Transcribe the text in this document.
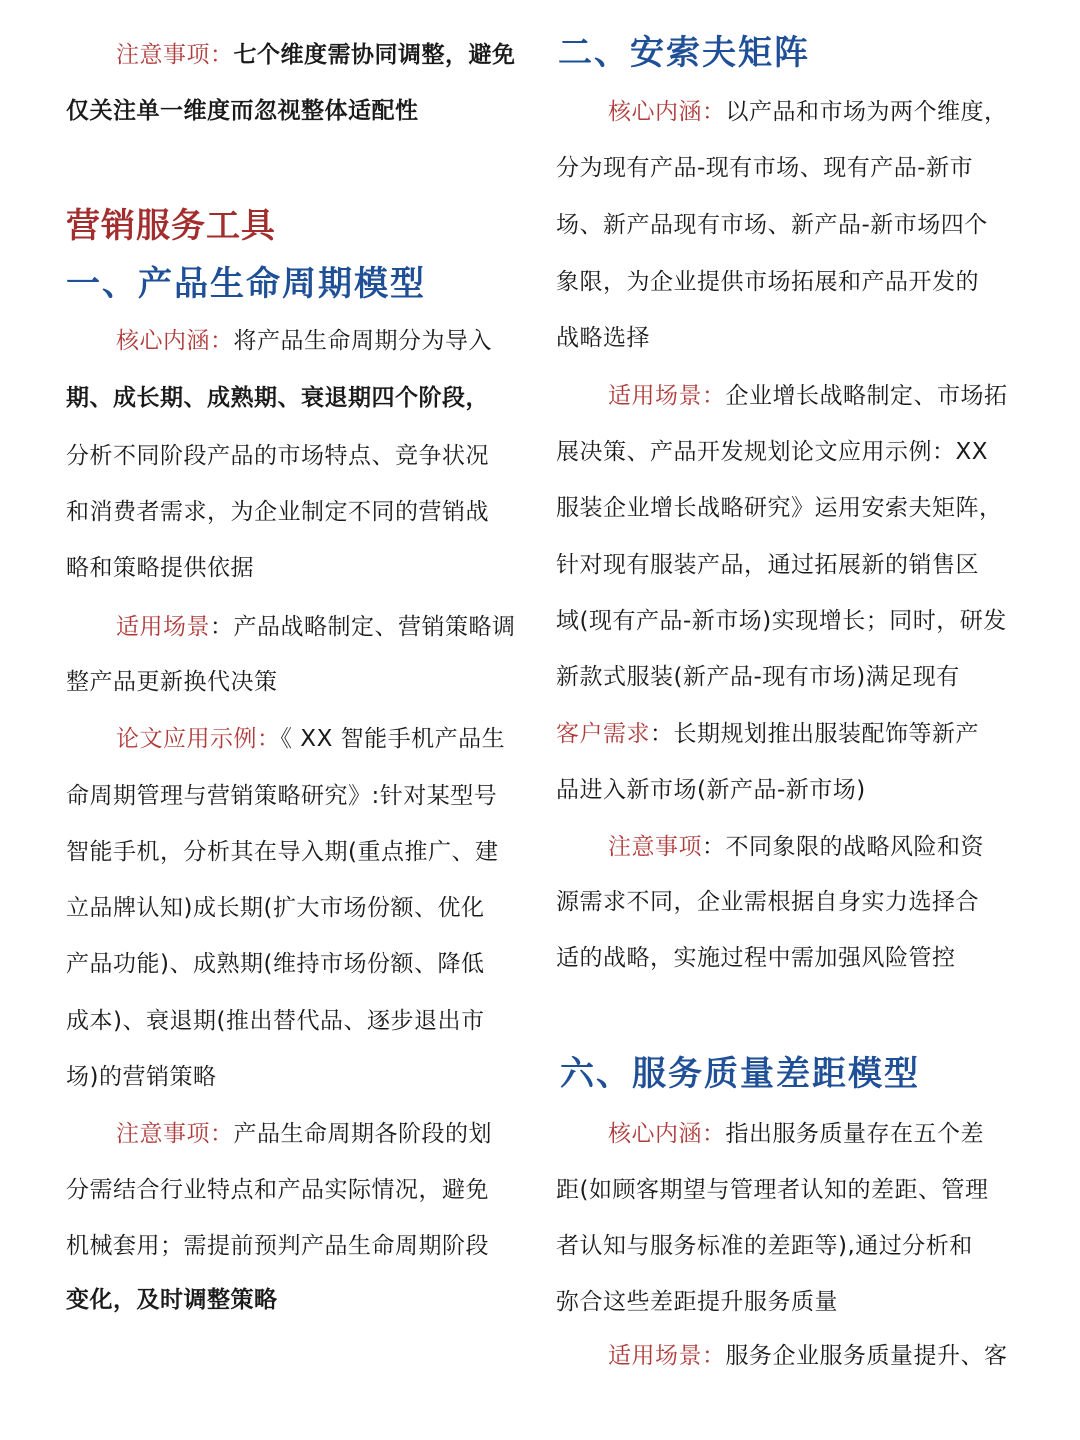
注意事项：七个维度需协同调整，避免
仅关注单一维度而忽视整体适配性
营销服务工具
一、产品生命周期模型
核心内涵：将产品生命周期分为导入
期、成长期、成熟期、衰退期四个阶段，
分析不同阶段产品的市场特点、竞争状况
和消费者需求，为企业制定不同的营销战
略和策略提供依据
适用场景：产品战略制定、营销策略调
整产品更新换代决策
论文应用示例：《 XX 智能手机产品生
命周期管理与营销策略研究》:针对某型号
智能手机，分析其在导入期(重点推广、建
立品牌认知)成长期(扩大市场份额、优化
产品功能)、成熟期(维持市场份额、降低
成本)、衰退期(推出替代品、逐步退出市
场)的营销策略
注意事项：产品生命周期各阶段的划
分需结合行业特点和产品实际情况，避免
机械套用；需提前预判产品生命周期阶段
变化，及时调整策略
二、安索夫矩阵
核心内涵：以产品和市场为两个维度，
分为现有产品-现有市场、现有产品-新市
场、新产品现有市场、新产品-新市场四个
象限，为企业提供市场拓展和产品开发的
战略选择
适用场景：企业增长战略制定、市场拓
展决策、产品开发规划论文应用示例：XX
服装企业增长战略研究》运用安索夫矩阵，
针对现有服装产品，通过拓展新的销售区
域(现有产品-新市场)实现增长；同时，研发
新款式服装(新产品-现有市场)满足现有
客户需求：长期规划推出服装配饰等新产
品进入新市场(新产品-新市场)
注意事项：不同象限的战略风险和资
源需求不同，企业需根据自身实力选择合
适的战略，实施过程中需加强风险管控
六、服务质量差距模型
核心内涵：指出服务质量存在五个差
距(如顾客期望与管理者认知的差距、管理
者认知与服务标准的差距等),通过分析和
弥合这些差距提升服务质量
适用场景：服务企业服务质量提升、客
